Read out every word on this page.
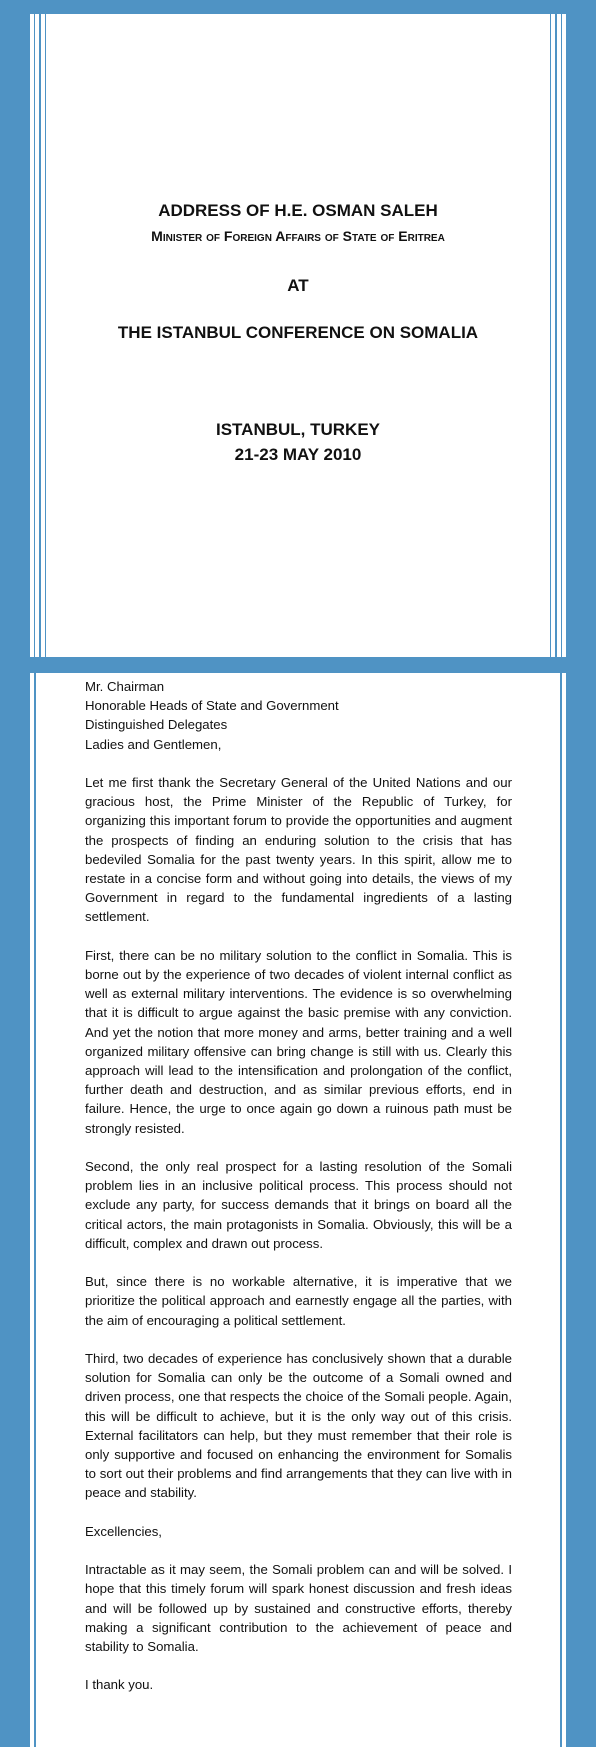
ADDRESS OF H.E. OSMAN SALEH
Minister of Foreign Affairs of State of Eritrea
AT
THE ISTANBUL CONFERENCE ON SOMALIA
ISTANBUL, TURKEY
21-23 MAY 2010
Mr. Chairman
Honorable Heads of State and Government
Distinguished Delegates
Ladies and Gentlemen,

Let me first thank the Secretary General of the United Nations and our gracious host, the Prime Minister of the Republic of Turkey, for organizing this important forum to provide the opportunities and augment the prospects of finding an enduring solution to the crisis that has bedeviled Somalia for the past twenty years. In this spirit, allow me to restate in a concise form and without going into details, the views of my Government in regard to the fundamental ingredients of a lasting settlement.

First, there can be no military solution to the conflict in Somalia. This is borne out by the experience of two decades of violent internal conflict as well as external military interventions. The evidence is so overwhelming that it is difficult to argue against the basic premise with any conviction. And yet the notion that more money and arms, better training and a well organized military offensive can bring change is still with us. Clearly this approach will lead to the intensification and prolongation of the conflict, further death and destruction, and as similar previous efforts, end in failure. Hence, the urge to once again go down a ruinous path must be strongly resisted.

Second, the only real prospect for a lasting resolution of the Somali problem lies in an inclusive political process. This process should not exclude any party, for success demands that it brings on board all the critical actors, the main protagonists in Somalia. Obviously, this will be a difficult, complex and drawn out process.

But, since there is no workable alternative, it is imperative that we prioritize the political approach and earnestly engage all the parties, with the aim of encouraging a political settlement.

Third, two decades of experience has conclusively shown that a durable solution for Somalia can only be the outcome of a Somali owned and driven process, one that respects the choice of the Somali people. Again, this will be difficult to achieve, but it is the only way out of this crisis. External facilitators can help, but they must remember that their role is only supportive and focused on enhancing the environment for Somalis to sort out their problems and find arrangements that they can live with in peace and stability.

Excellencies,

Intractable as it may seem, the Somali problem can and will be solved. I hope that this timely forum will spark honest discussion and fresh ideas and will be followed up by sustained and constructive efforts, thereby making a significant contribution to the achievement of peace and stability to Somalia.

I thank you.
